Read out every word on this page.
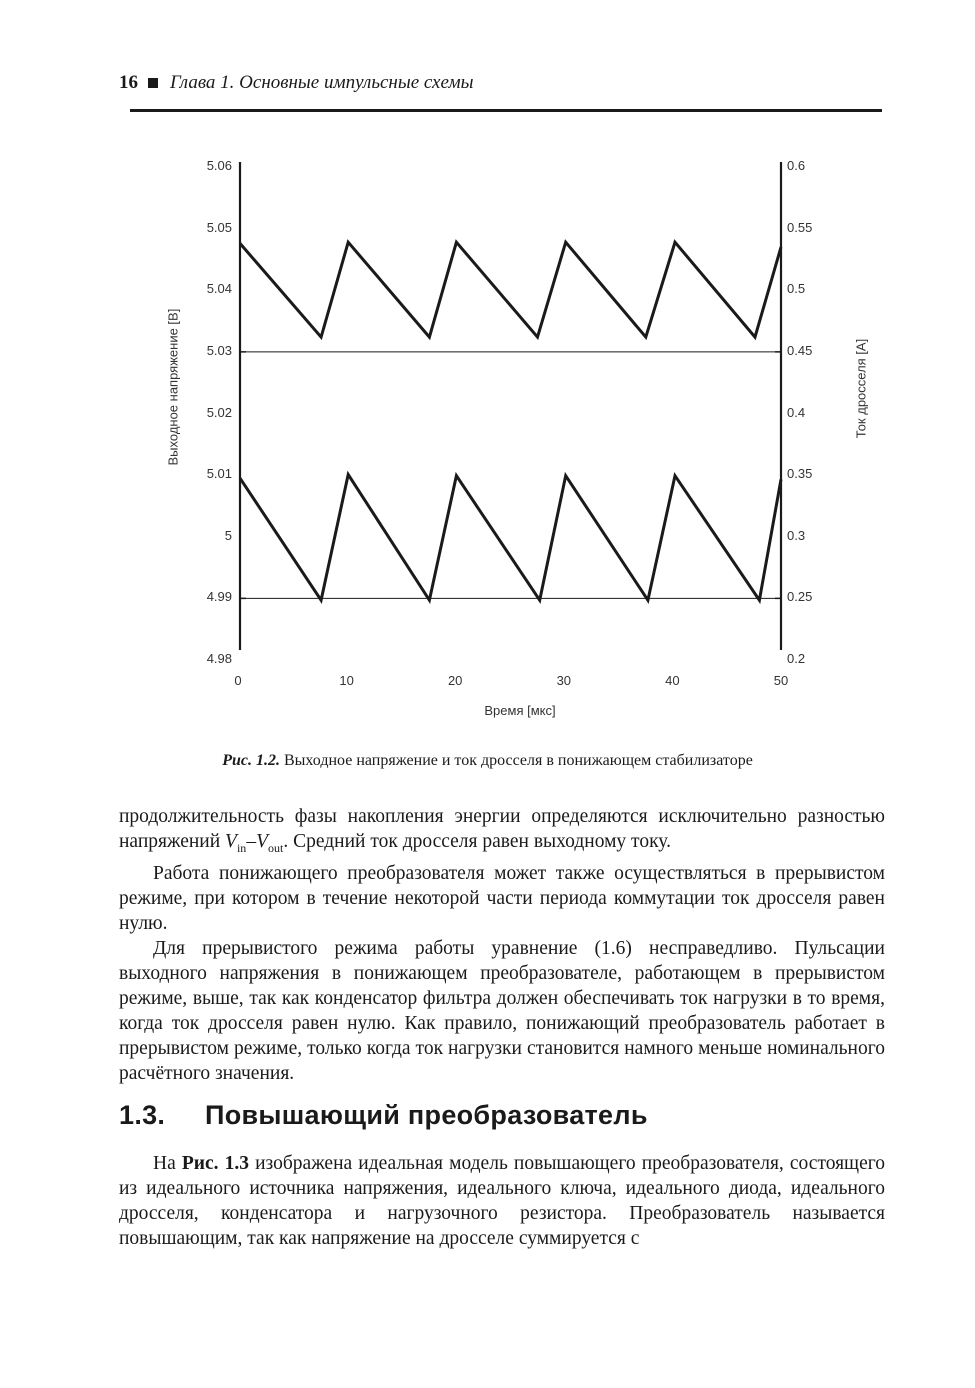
16 Глава 1. Основные импульсные схемы
5.06
5.05
5.04
5.03
5.02
5.01
5
4.99
4.98
0.6
0.55
0.5
0.45
0.4
0.35
0.3
0.25
0.2
0	10	20	30	40	50
Выходное напряжение [В]	Ток дросселя [А]
Время [мкс]
Рис. 1.2. Выходное напряжение и ток дросселя в понижающем стабилизаторе

продолжительность фазы накопления энергии определяются исключительно разностью напряжений $V_{in}-V_{out}$. Средний ток дросселя равен выходному току.

Работа понижающего преобразователя может также осуществляться в прерывистом режиме, при котором в течение некоторой части периода коммутации ток дросселя равен нулю.

Для прерывистого режима работы уравнение (1.6) несправедливо. Пульсации выходного напряжения в понижающем преобразователе, работающем в прерывистом режиме, выше, так как конденсатор фильтра должен обеспечивать ток нагрузки в то время, когда ток дросселя равен нулю. Как правило, понижающий преобразователь работает в прерывистом режиме, только когда ток нагрузки становится намного меньше номинального расчётного значения.

1.3. Повышающий преобразователь

На Рис. 1.3 изображена идеальная модель повышающего преобразователя, состоящего из идеального источника напряжения, идеального ключа, идеального диода, идеального дросселя, конденсатора и нагрузочного резистора. Преобразователь называется повышающим, так как напряжение на дросселе суммируется с
